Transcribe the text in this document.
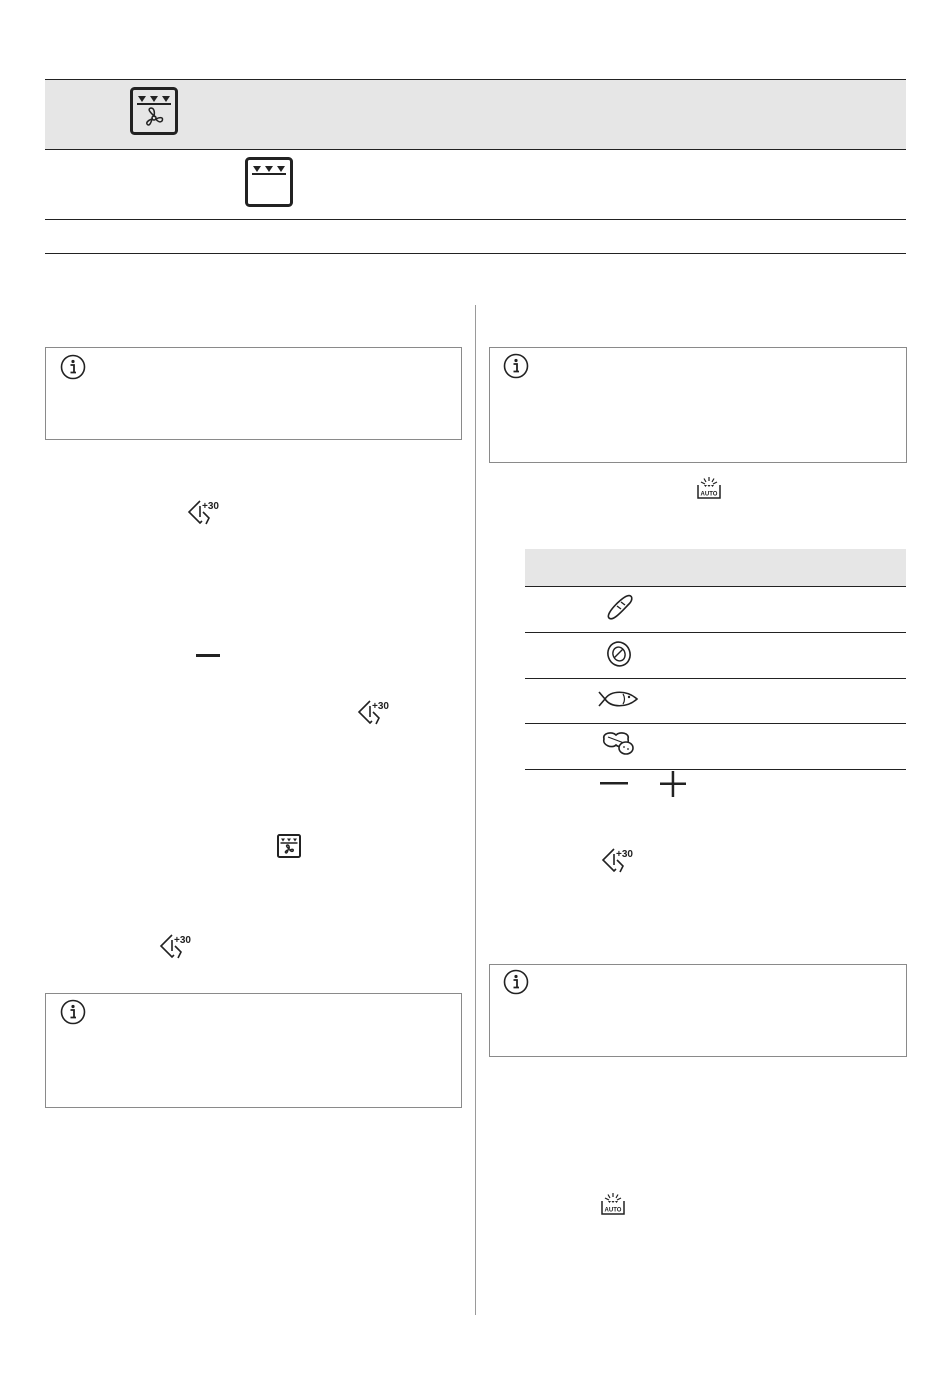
+30
+30
+30
AUTO
+30
AUTO
